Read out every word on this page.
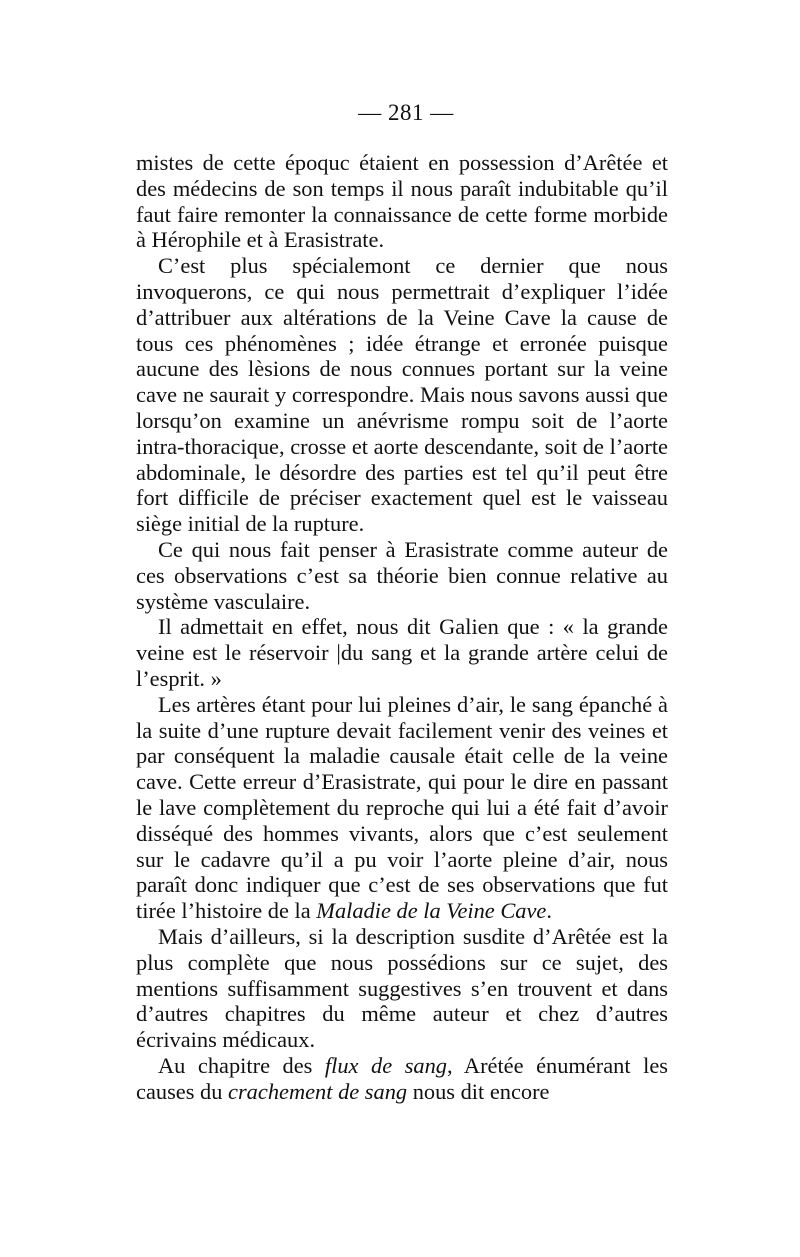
— 281 —

mistes de cette époquc étaient en possession d’Arêtée et des médecins de son temps il nous paraît indubitable qu’il faut faire remonter la connaissance de cette forme morbide à Hérophile et à Erasistrate.

C’est plus spécialemont ce dernier que nous invoquerons, ce qui nous permettrait d’expliquer l’idée d’attribuer aux altérations de la Veine Cave la cause de tous ces phénomènes ; idée étrange et erronée puisque aucune des lèsions de nous connues portant sur la veine cave ne saurait y correspondre. Mais nous savons aussi que lorsqu’on examine un anévrisme rompu soit de l’aorte intra-thoracique, crosse et aorte descendante, soit de l’aorte abdominale, le désordre des parties est tel qu’il peut être fort difficile de préciser exactement quel est le vaisseau siège initial de la rupture.

Ce qui nous fait penser à Erasistrate comme auteur de ces observations c’est sa théorie bien connue relative au système vasculaire.

Il admettait en effet, nous dit Galien que : « la grande veine est le réservoir |du sang et la grande artère celui de l’esprit. »

Les artères étant pour lui pleines d’air, le sang épanché à la suite d’une rupture devait facilement venir des veines et par conséquent la maladie causale était celle de la veine cave. Cette erreur d’Erasistrate, qui pour le dire en passant le lave complètement du reproche qui lui a été fait d’avoir disséqué des hommes vivants, alors que c’est seulement sur le cadavre qu’il a pu voir l’aorte pleine d’air, nous paraît donc indiquer que c’est de ses observations que fut tirée l’histoire de la Maladie de la Veine Cave.

Mais d’ailleurs, si la description susdite d’Arêtée est la plus complète que nous possédions sur ce sujet, des mentions suffisamment suggestives s’en trouvent et dans d’autres chapitres du même auteur et chez d’autres écrivains médicaux.

Au chapitre des flux de sang, Arétée énumérant les causes du crachement de sang nous dit encore
